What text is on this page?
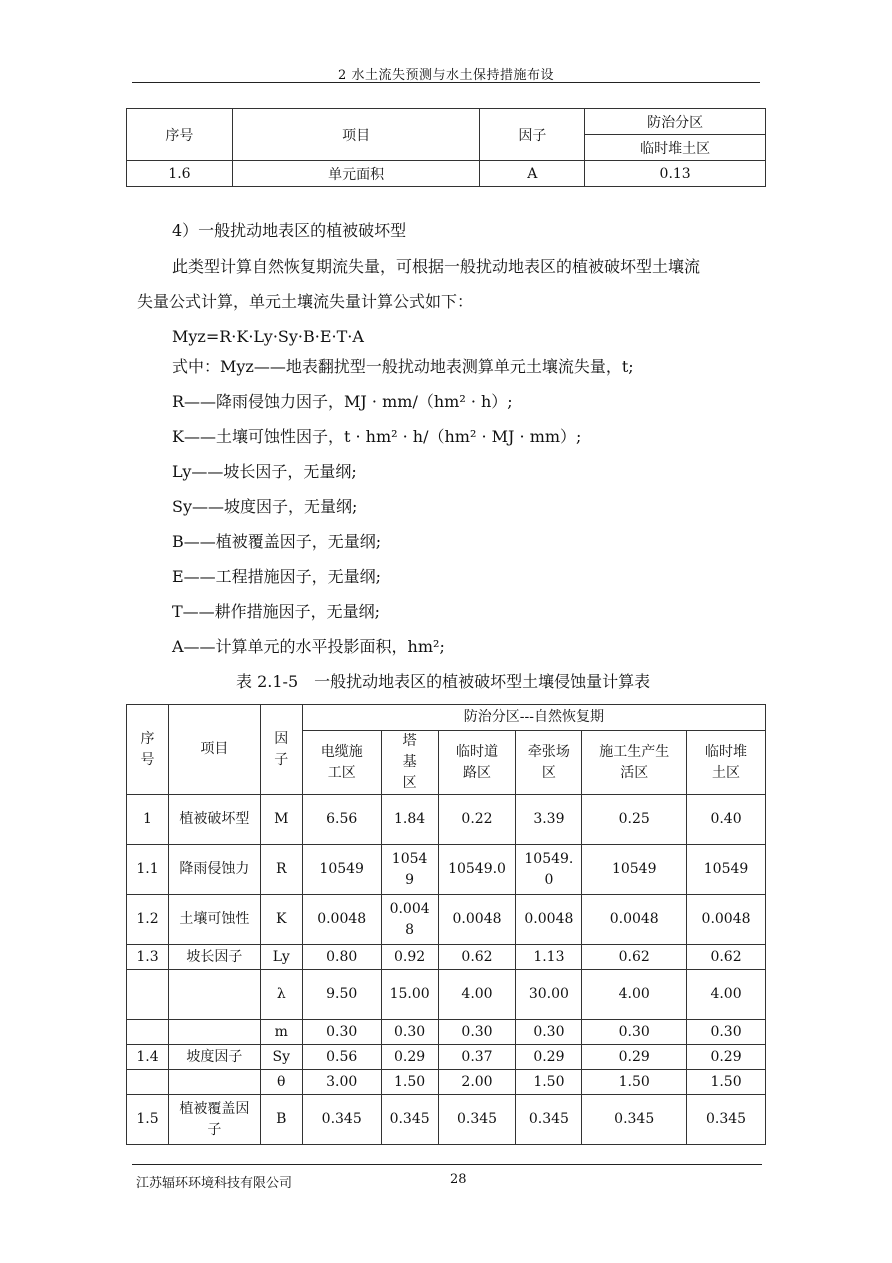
2 水土流失预测与水土保持措施布设
序号	项目	因子	防治分区
			临时堆土区
1.6	单元面积	A	0.13
4）一般扰动地表区的植被破坏型
此类型计算自然恢复期流失量，可根据一般扰动地表区的植被破坏型土壤流
失量公式计算，单元土壤流失量计算公式如下：
Myz=R·K·Ly·Sy·B·E·T·A
式中：Myz——地表翻扰型一般扰动地表测算单元土壤流失量，t;
R——降雨侵蚀力因子，MJ · mm/（hm² · h）;
K——土壤可蚀性因子，t · hm² · h/（hm² · MJ · mm）;
Ly——坡长因子，无量纲;
Sy——坡度因子，无量纲;
B——植被覆盖因子，无量纲;
E——工程措施因子，无量纲;
T——耕作措施因子，无量纲;
A——计算单元的水平投影面积，hm²;
表 2.1-5　一般扰动地表区的植被破坏型土壤侵蚀量计算表
序号	项目	因子	防治分区---自然恢复期					
			电缆施工区	塔基区	临时道路区	牵张场区	施工生产生活区	临时堆土区
1	植被破坏型	M	6.56	1.84	0.22	3.39	0.25	0.40
1.1	降雨侵蚀力	R	10549	10549	10549.0	10549.0	10549	10549
1.2	土壤可蚀性	K	0.0048	0.0048	0.0048	0.0048	0.0048	0.0048
1.3	坡长因子	Ly	0.80	0.92	0.62	1.13	0.62	0.62
		λ	9.50	15.00	4.00	30.00	4.00	4.00
		m	0.30	0.30	0.30	0.30	0.30	0.30
1.4	坡度因子	Sy	0.56	0.29	0.37	0.29	0.29	0.29
		θ	3.00	1.50	2.00	1.50	1.50	1.50
1.5	植被覆盖因子	B	0.345	0.345	0.345	0.345	0.345	0.345
江苏辐环环境科技有限公司	28
